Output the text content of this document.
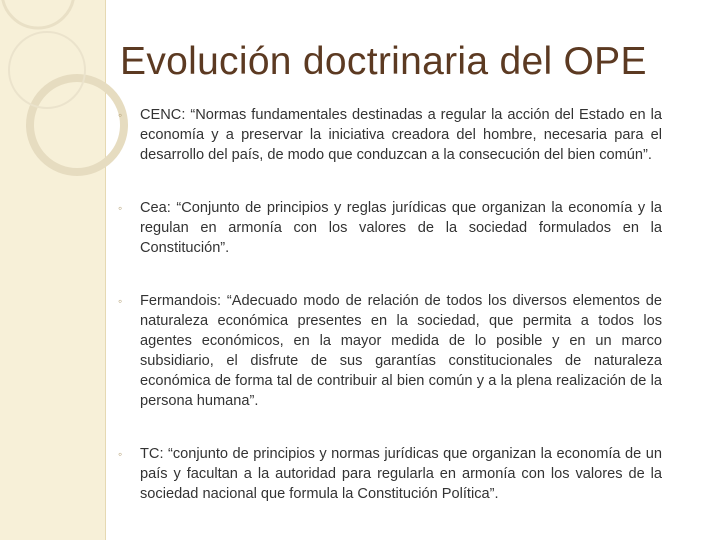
Evolución doctrinaria del OPE
◦ CENC: “Normas fundamentales destinadas a regular la acción del Estado en la economía y a preservar la iniciativa creadora del hombre, necesaria para el desarrollo del país, de modo que conduzcan a la consecución del bien común”.
◦ Cea: “Conjunto de principios y reglas jurídicas que organizan la economía y la regulan en armonía con los valores de la sociedad formulados en la Constitución”.
◦ Fermandois: “Adecuado modo de relación de todos los diversos elementos de naturaleza económica presentes en la sociedad, que permita a todos los agentes económicos, en la mayor medida de lo posible y en un marco subsidiario, el disfrute de sus garantías constitucionales de naturaleza económica de forma tal de contribuir al bien común y a la plena realización de la persona humana”.
◦ TC: “conjunto de principios y normas jurídicas que organizan la economía de un país y facultan a la autoridad para regularla en armonía con los valores de la sociedad nacional que formula la Constitución Política”.
